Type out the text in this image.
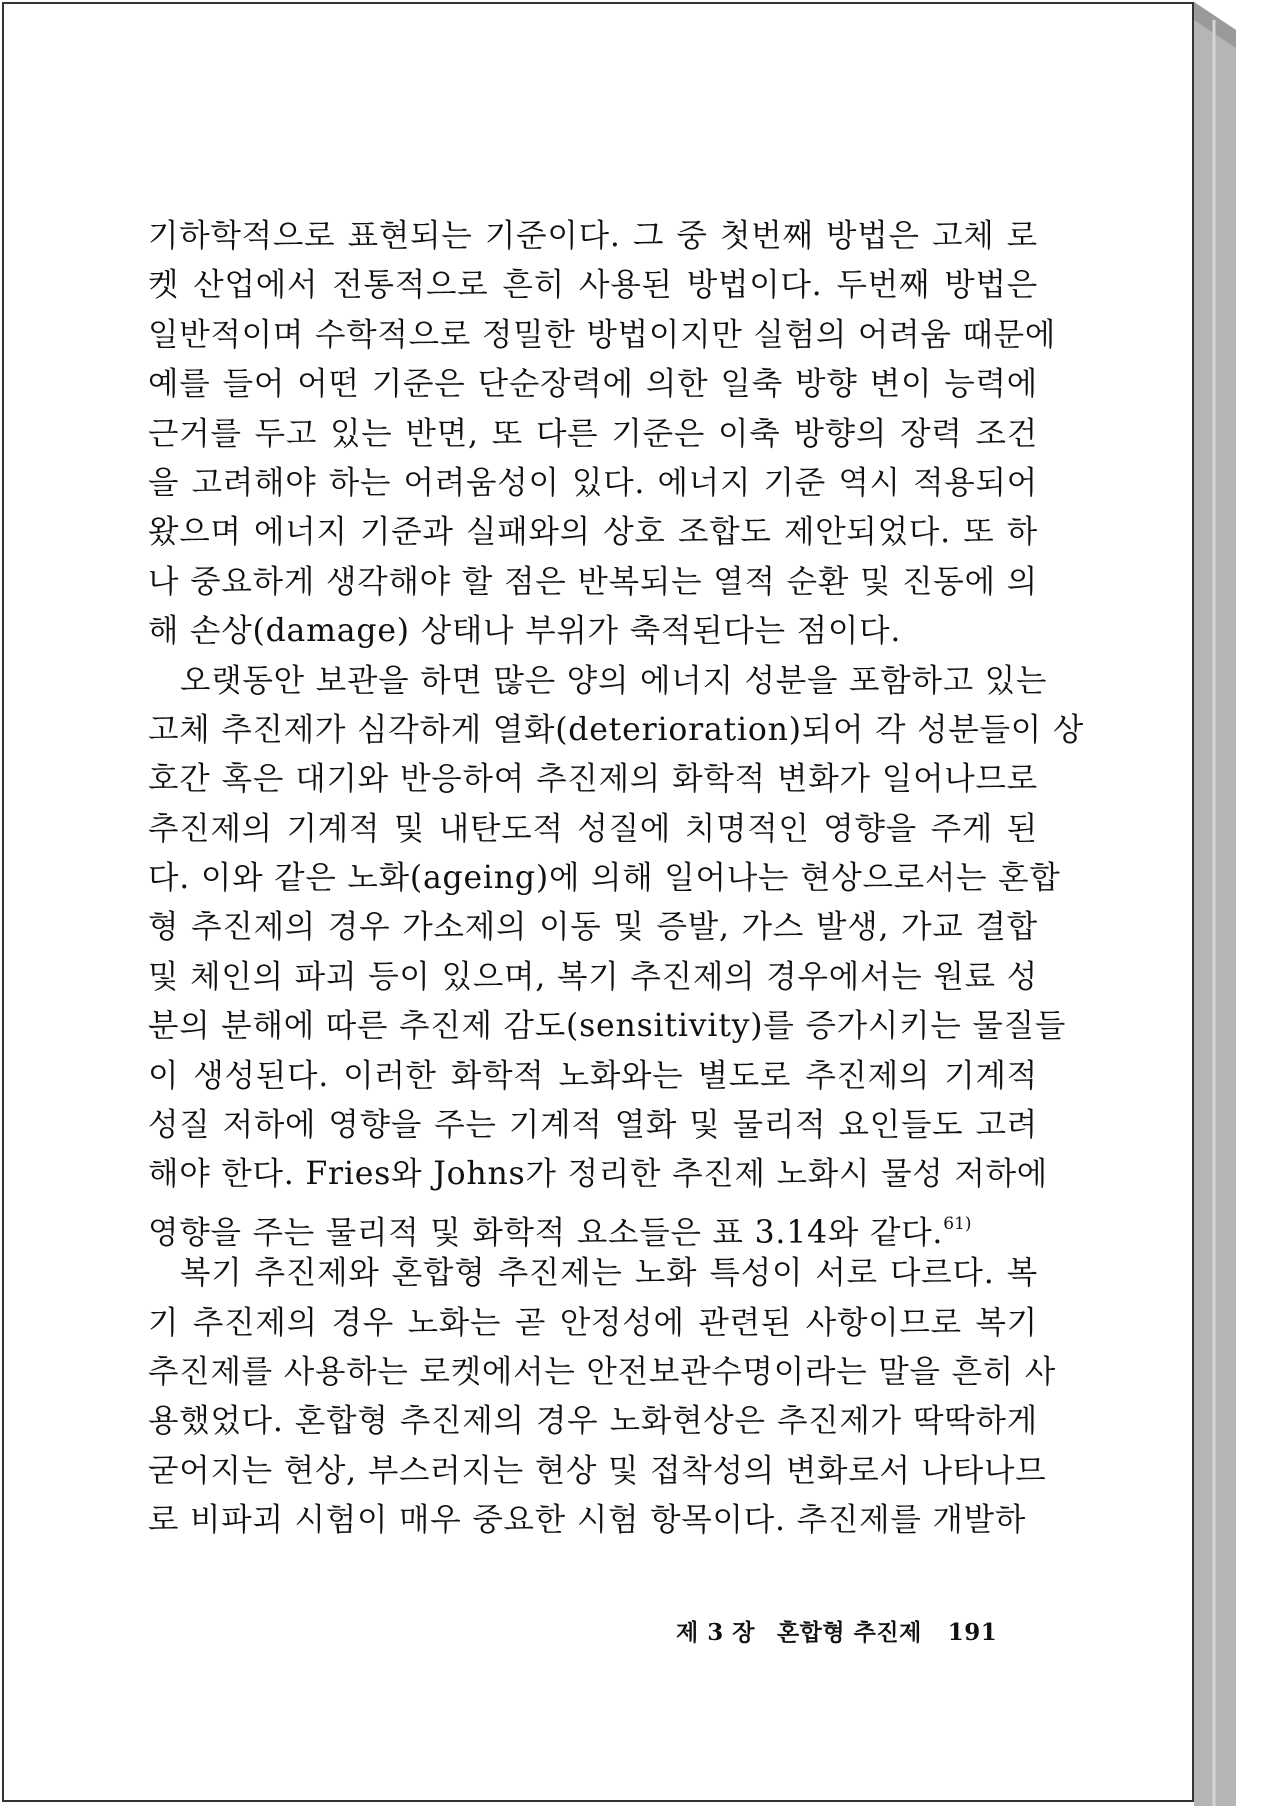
기하학적으로 표현되는 기준이다. 그 중 첫번째 방법은 고체 로
켓 산업에서 전통적으로 흔히 사용된 방법이다. 두번째 방법은
일반적이며 수학적으로 정밀한 방법이지만 실험의 어려움 때문에
예를 들어 어떤 기준은 단순장력에 의한 일축 방향 변이 능력에
근거를 두고 있는 반면, 또 다른 기준은 이축 방향의 장력 조건
을 고려해야 하는 어려움성이 있다. 에너지 기준 역시 적용되어
왔으며 에너지 기준과 실패와의 상호 조합도 제안되었다. 또 하
나 중요하게 생각해야 할 점은 반복되는 열적 순환 및 진동에 의
해 손상(damage) 상태나 부위가 축적된다는 점이다.
오랫동안 보관을 하면 많은 양의 에너지 성분을 포함하고 있는
고체 추진제가 심각하게 열화(deterioration)되어 각 성분들이 상
호간 혹은 대기와 반응하여 추진제의 화학적 변화가 일어나므로
추진제의 기계적 및 내탄도적 성질에 치명적인 영향을 주게 된
다. 이와 같은 노화(ageing)에 의해 일어나는 현상으로서는 혼합
형 추진제의 경우 가소제의 이동 및 증발, 가스 발생, 가교 결합
및 체인의 파괴 등이 있으며, 복기 추진제의 경우에서는 원료 성
분의 분해에 따른 추진제 감도(sensitivity)를 증가시키는 물질들
이 생성된다. 이러한 화학적 노화와는 별도로 추진제의 기계적
성질 저하에 영향을 주는 기계적 열화 및 물리적 요인들도 고려
해야 한다. Fries와 Johns가 정리한 추진제 노화시 물성 저하에
영향을 주는 물리적 및 화학적 요소들은 표 3.14와 같다.$^{61)}$
복기 추진제와 혼합형 추진제는 노화 특성이 서로 다르다. 복
기 추진제의 경우 노화는 곧 안정성에 관련된 사항이므로 복기
추진제를 사용하는 로켓에서는 안전보관수명이라는 말을 흔히 사
용했었다. 혼합형 추진제의 경우 노화현상은 추진제가 딱딱하게
굳어지는 현상, 부스러지는 현상 및 접착성의 변화로서 나타나므
로 비파괴 시험이 매우 중요한 시험 항목이다. 추진제를 개발하
제 3 장 혼합형 추진제 191
